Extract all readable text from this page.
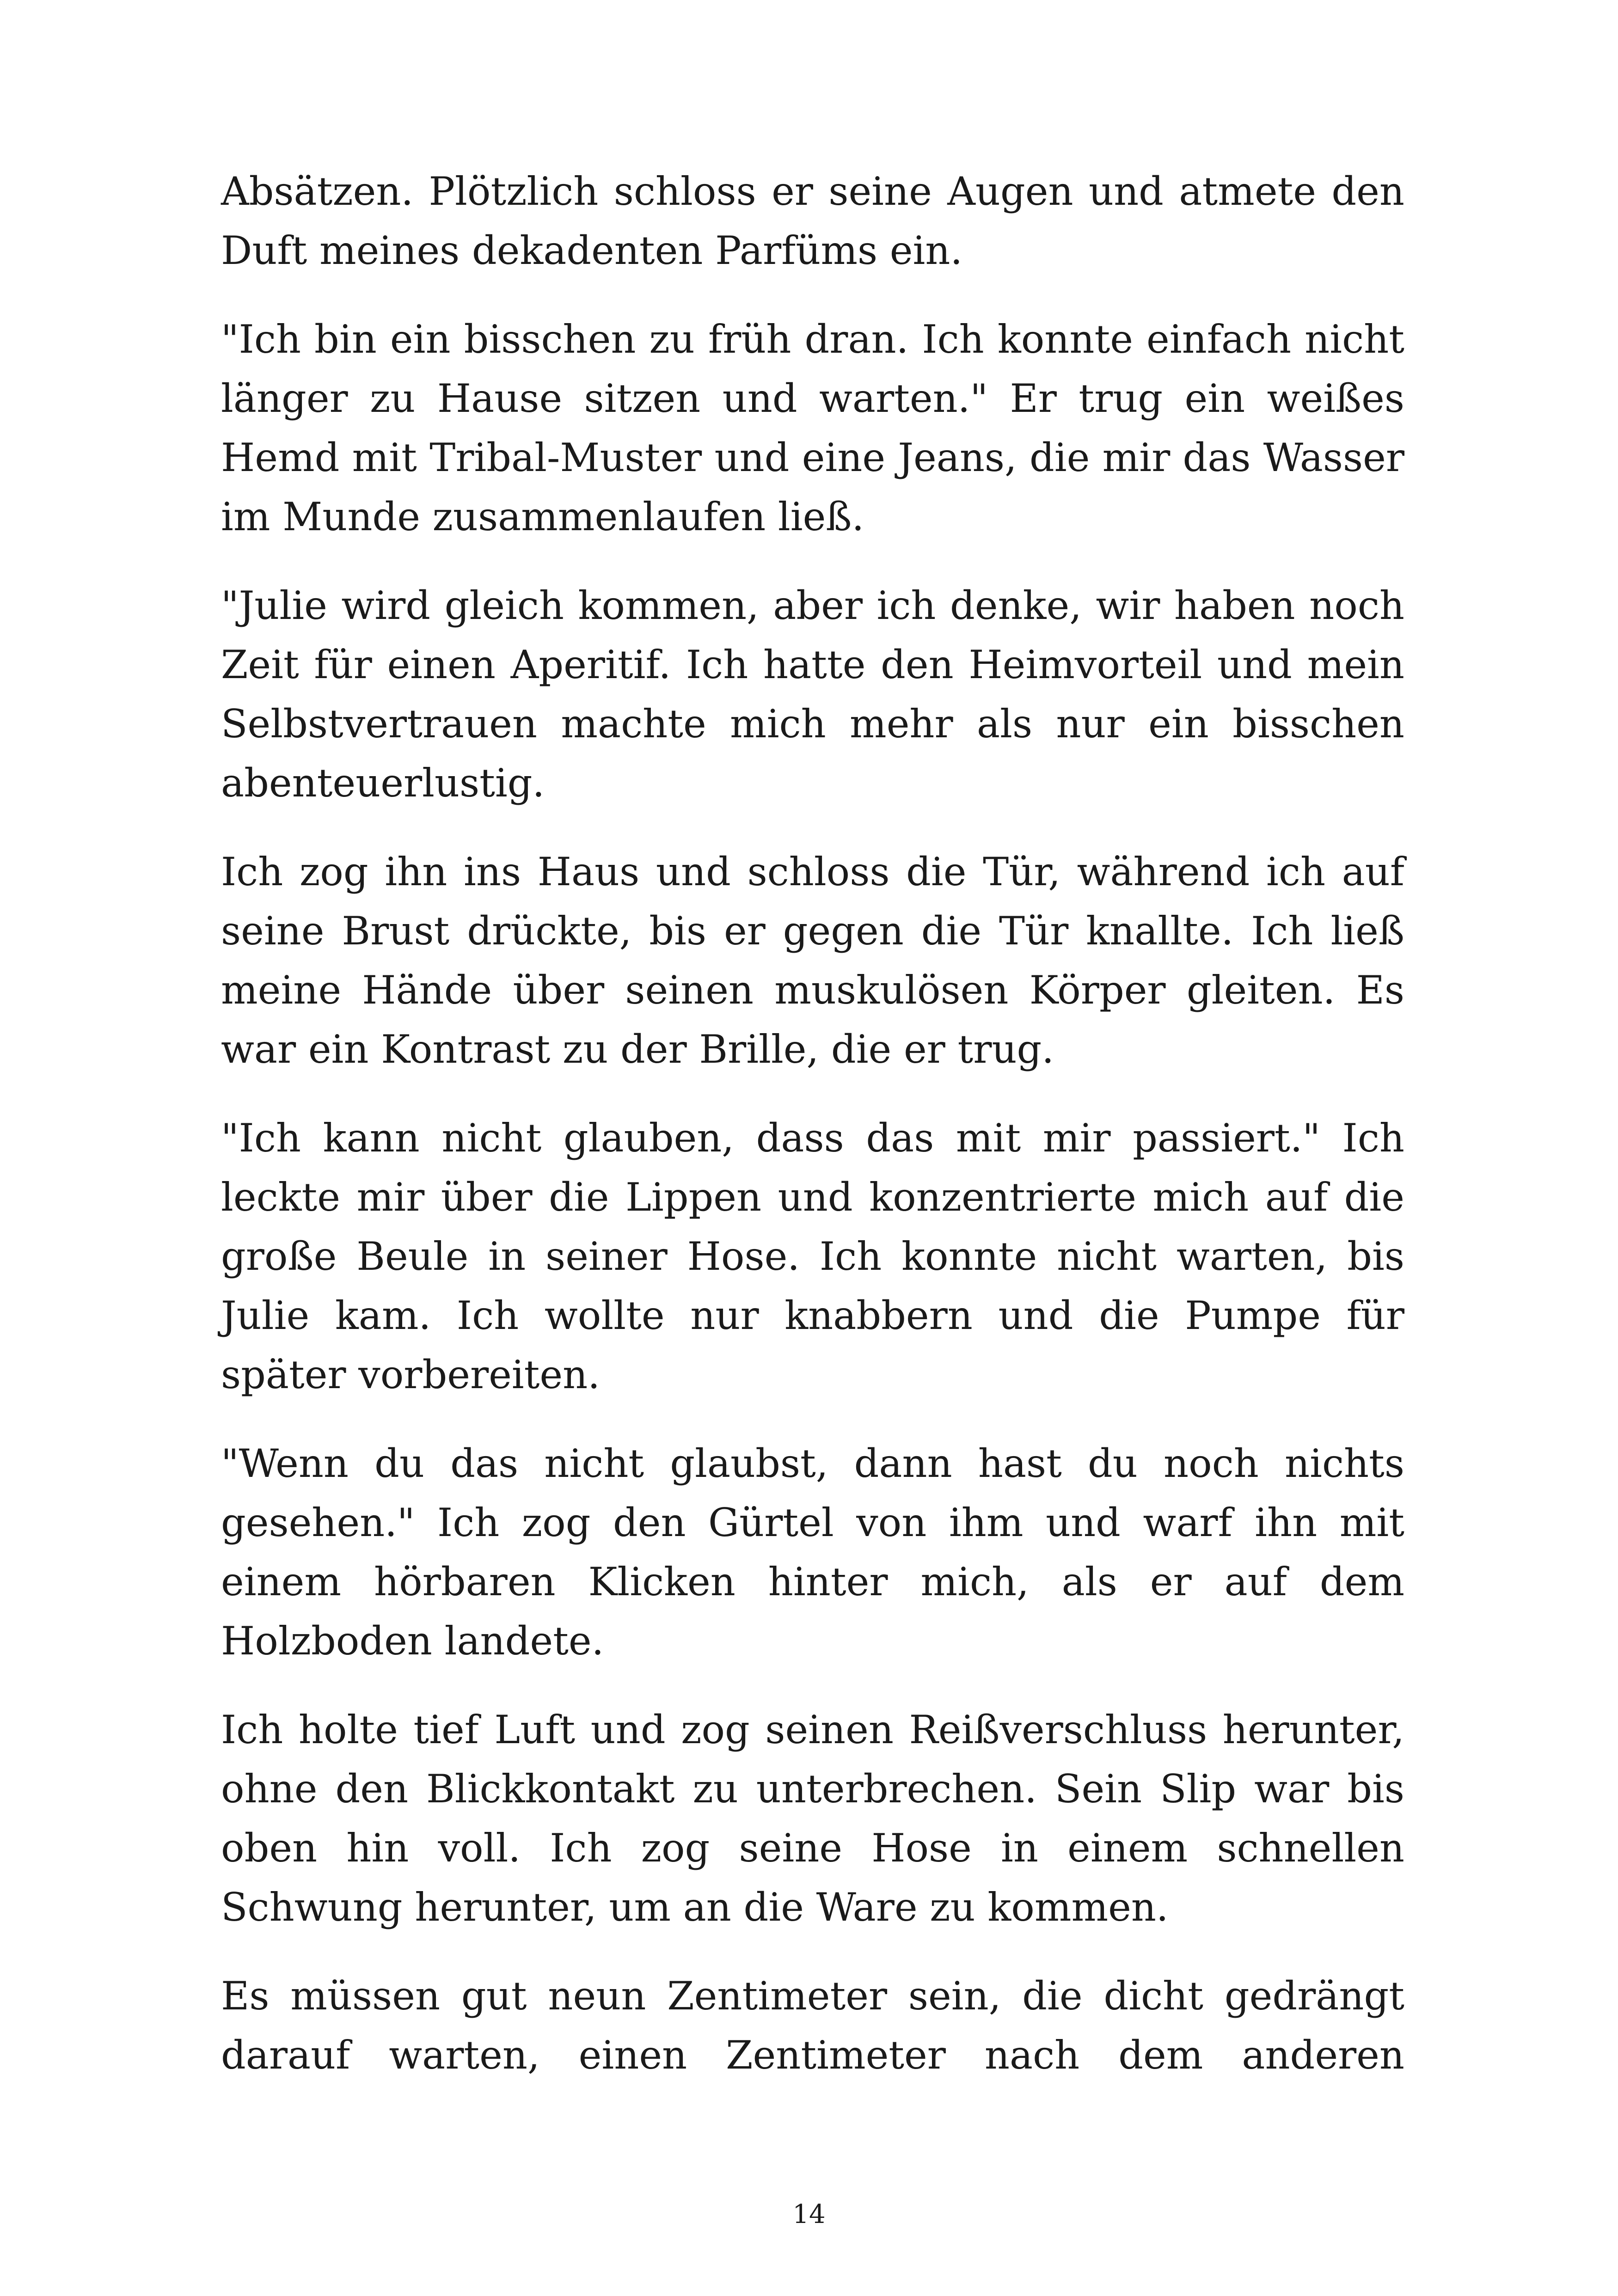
Absätzen. Plötzlich schloss er seine Augen und atmete den Duft meines dekadenten Parfüms ein.

"Ich bin ein bisschen zu früh dran. Ich konnte einfach nicht länger zu Hause sitzen und warten." Er trug ein weißes Hemd mit Tribal-Muster und eine Jeans, die mir das Wasser im Munde zusammenlaufen ließ.

"Julie wird gleich kommen, aber ich denke, wir haben noch Zeit für einen Aperitif. Ich hatte den Heimvorteil und mein Selbstvertrauen machte mich mehr als nur ein bisschen abenteuerlustig.

Ich zog ihn ins Haus und schloss die Tür, während ich auf seine Brust drückte, bis er gegen die Tür knallte. Ich ließ meine Hände über seinen muskulösen Körper gleiten. Es war ein Kontrast zu der Brille, die er trug.

"Ich kann nicht glauben, dass das mit mir passiert." Ich leckte mir über die Lippen und konzentrierte mich auf die große Beule in seiner Hose. Ich konnte nicht warten, bis Julie kam. Ich wollte nur knabbern und die Pumpe für später vorbereiten.

"Wenn du das nicht glaubst, dann hast du noch nichts gesehen." Ich zog den Gürtel von ihm und warf ihn mit einem hörbaren Klicken hinter mich, als er auf dem Holzboden landete.

Ich holte tief Luft und zog seinen Reißverschluss herunter, ohne den Blickkontakt zu unterbrechen. Sein Slip war bis oben hin voll. Ich zog seine Hose in einem schnellen Schwung herunter, um an die Ware zu kommen.

Es müssen gut neun Zentimeter sein, die dicht gedrängt darauf warten, einen Zentimeter nach dem anderen

14
